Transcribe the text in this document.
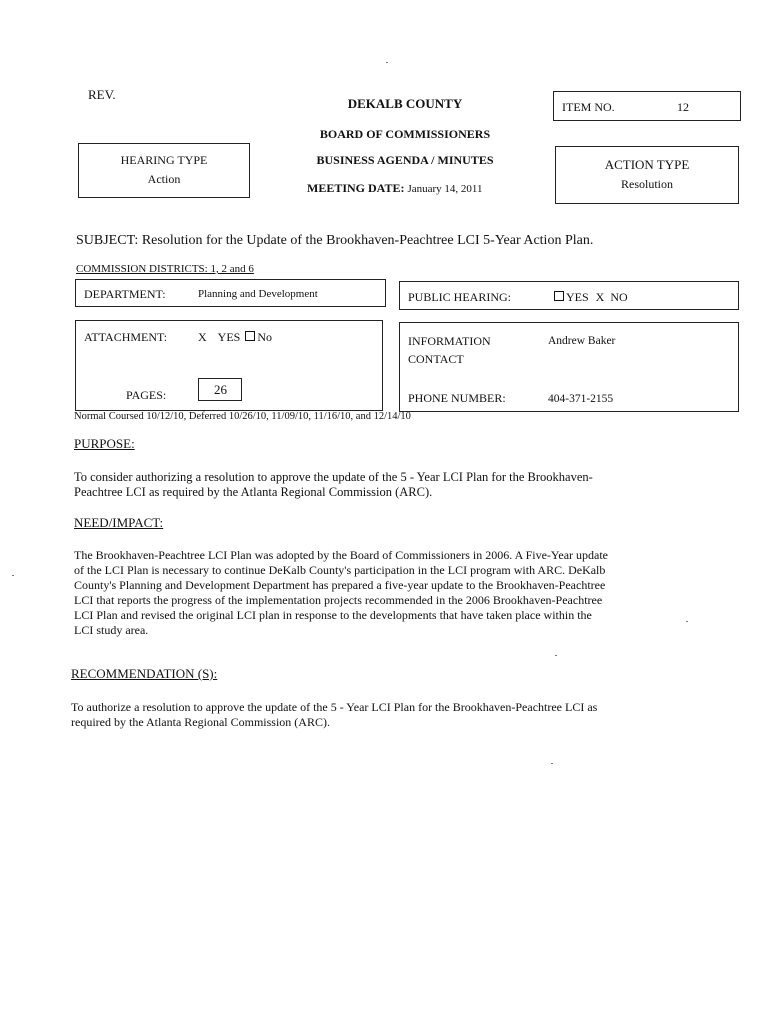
REV.
DEKALB COUNTY
BOARD OF COMMISSIONERS
BUSINESS AGENDA / MINUTES
MEETING DATE: January 14, 2011
ITEM NO.	12
HEARING TYPE
Action
ACTION TYPE
Resolution
SUBJECT: Resolution for the Update of the Brookhaven-Peachtree LCI 5-Year Action Plan.
COMMISSION DISTRICTS: 1, 2 and 6
DEPARTMENT:	Planning and Development	PUBLIC HEARING:	YES X NO
ATTACHMENT:	X YES No
PAGES:	26
INFORMATION
CONTACT
Andrew Baker
PHONE NUMBER:	404-371-2155
Normal Coursed 10/12/10, Deferred 10/26/10, 11/09/10, 11/16/10, and 12/14/10
PURPOSE:
To consider authorizing a resolution to approve the update of the 5 - Year LCI Plan for the Brookhaven-
Peachtree LCI as required by the Atlanta Regional Commission (ARC).
NEED/IMPACT:
The Brookhaven-Peachtree LCI Plan was adopted by the Board of Commissioners in 2006. A Five-Year update
of the LCI Plan is necessary to continue DeKalb County's participation in the LCI program with ARC. DeKalb
County's Planning and Development Department has prepared a five-year update to the Brookhaven-Peachtree
LCI that reports the progress of the implementation projects recommended in the 2006 Brookhaven-Peachtree
LCI Plan and revised the original LCI plan in response to the developments that have taken place within the
LCI study area.
RECOMMENDATION (S):
To authorize a resolution to approve the update of the 5 - Year LCI Plan for the Brookhaven-Peachtree LCI as
required by the Atlanta Regional Commission (ARC).
